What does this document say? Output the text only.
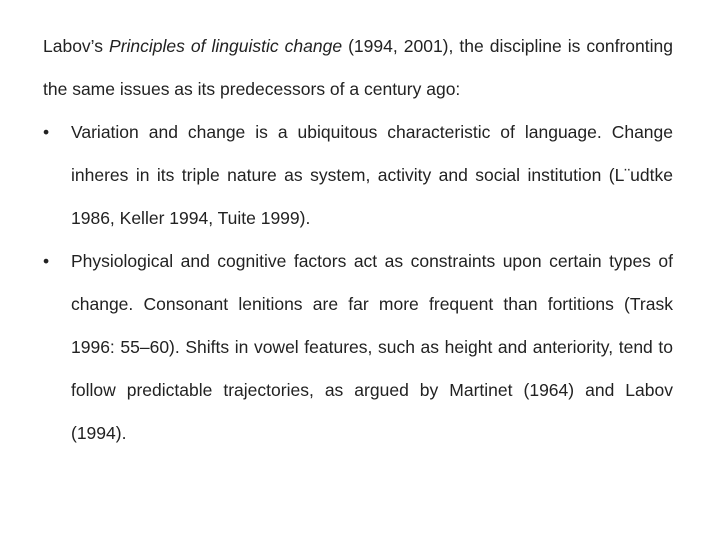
Labov’s Principles of linguistic change (1994, 2001), the discipline is confronting the same issues as its predecessors of a century ago:

• Variation and change is a ubiquitous characteristic of language. Change inheres in its triple nature as system, activity and social institution (L¨udtke 1986, Keller 1994, Tuite 1999).
• Physiological and cognitive factors act as constraints upon certain types of change. Consonant lenitions are far more frequent than fortitions (Trask 1996: 55–60). Shifts in vowel features, such as height and anteriority, tend to follow predictable trajectories, as argued by Martinet (1964) and Labov (1994).
